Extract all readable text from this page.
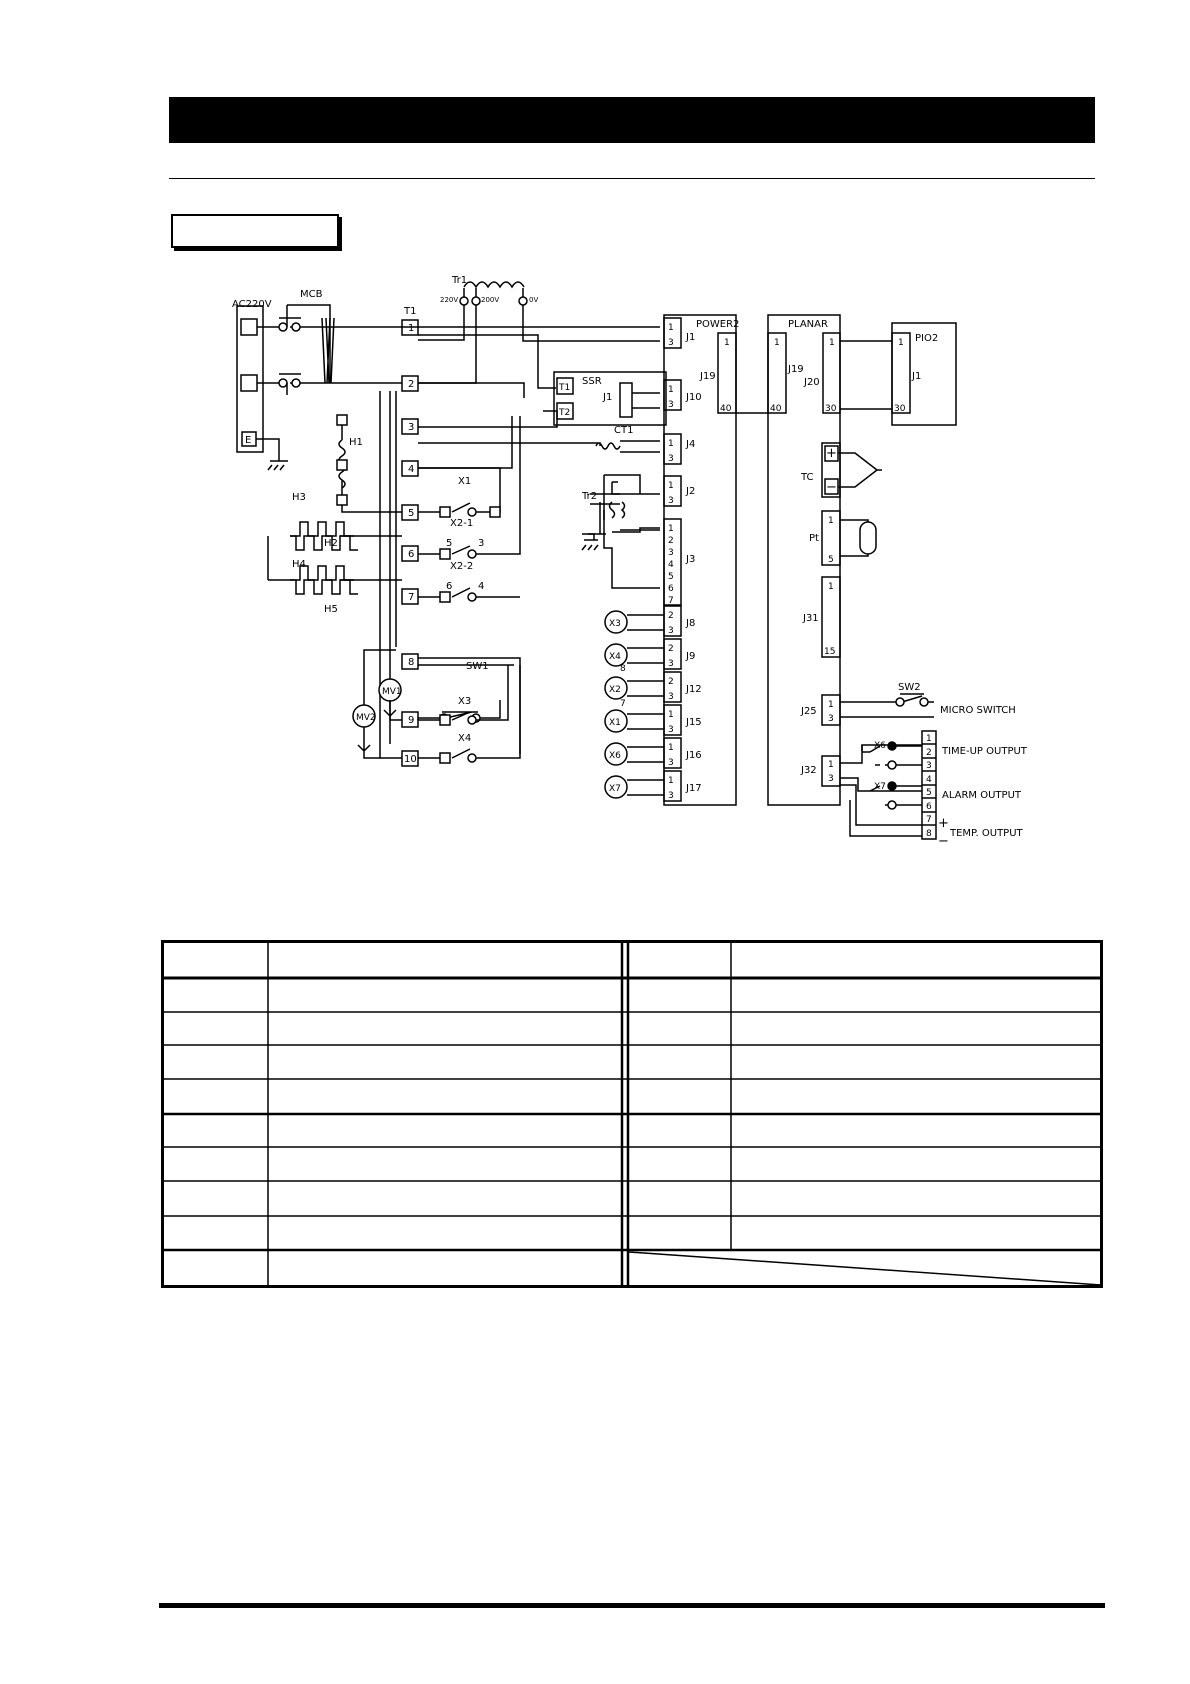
AC220V
MCB
T1
Tr1
220V	200V	0V
E
SSR
T1
T2
J1
CT1
Tr2
H1
H3
H2
H4
H5
X1
X2-1
X2-2
SW1
X3
X4
MV1
MV2
5	3
6	4
8
7
1
2
3
4
5
6
7
8
9
10
POWER2	PLANAR
PIO2
TC
Pt
SW2
MICRO SWITCH
TIME-UP OUTPUT
ALARM OUTPUT
TEMP. OUTPUT
+
−
X6
X7
+
−
1
3 J1
1
3
J10
1
3
J4
1
3
J2
1
2
3
4
5
6
7
J3
2
3
J8
X3
2
3
J9
X4
2
3
J12
X2
1
3
J15
X1
1
3
J16
X6
1
3
J17
X7
1
40
J19
1
40
J19
1
30
J20
1
30
J1
1
15
J31
1
5
1
3
J25
1
3
J32
1
2
3
4
5
6
7
8
